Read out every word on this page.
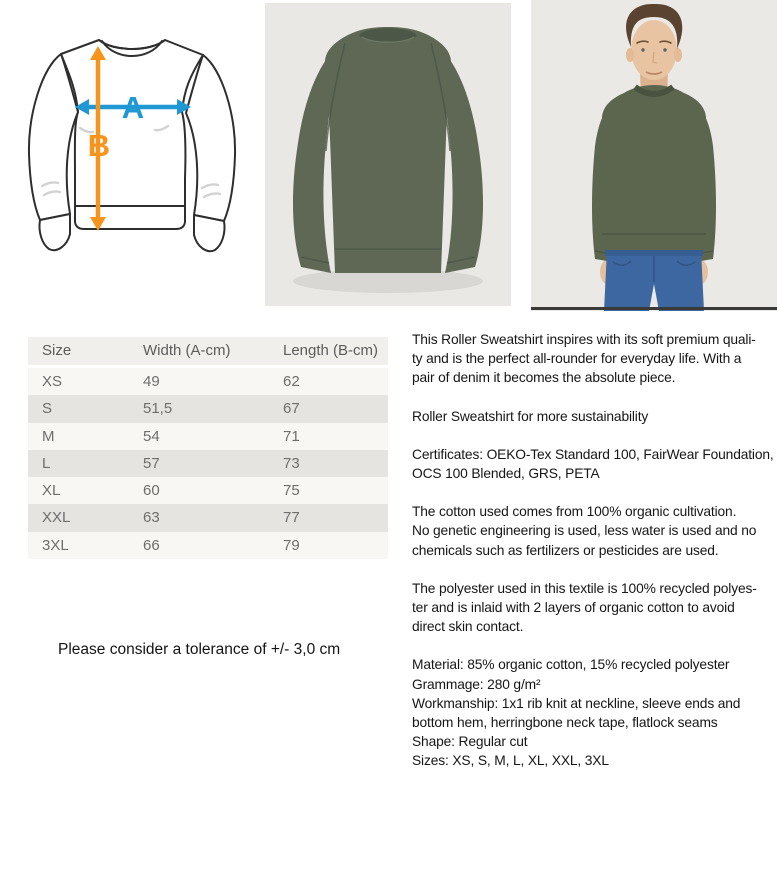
A
B
Size	Width (A-cm)	Length (B-cm)
XS	49	62
S	51,5	67
M	54	71
L	57	73
XL	60	75
XXL	63	77
3XL	66	79
Please consider a tolerance of +/- 3,0 cm
This Roller Sweatshirt inspires with its soft premium quali-
ty and is the perfect all-rounder for everyday life. With a
pair of denim it becomes the absolute piece.
Roller Sweatshirt for more sustainability
Certificates: OEKO-Tex Standard 100, FairWear Foundation,
OCS 100 Blended, GRS, PETA
The cotton used comes from 100% organic cultivation.
No genetic engineering is used, less water is used and no
chemicals such as fertilizers or pesticides are used.
The polyester used in this textile is 100% recycled polyes-
ter and is inlaid with 2 layers of organic cotton to avoid
direct skin contact.
Material: 85% organic cotton, 15% recycled polyester
Grammage: 280 g/m²
Workmanship: 1x1 rib knit at neckline, sleeve ends and
bottom hem, herringbone neck tape, flatlock seams
Shape: Regular cut
Sizes: XS, S, M, L, XL, XXL, 3XL
